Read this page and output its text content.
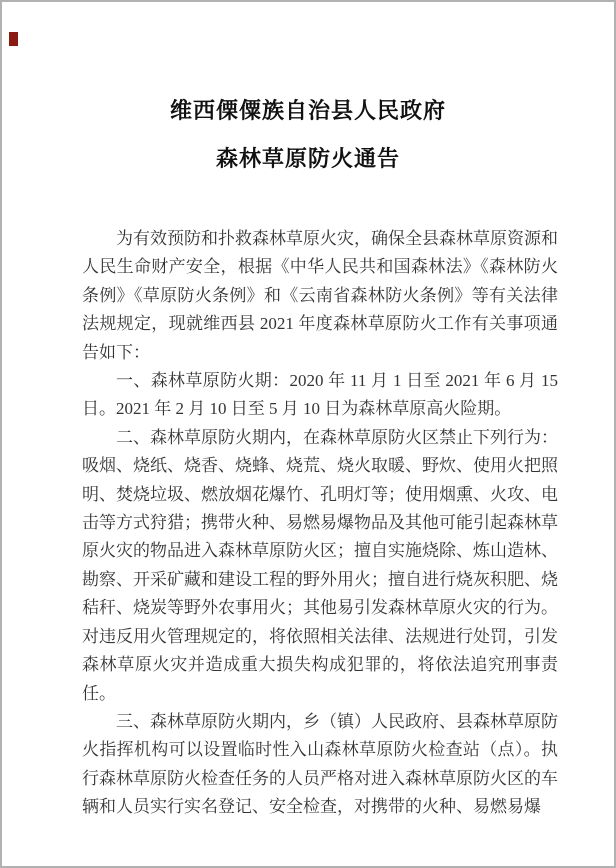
维西傈僳族自治县人民政府
森林草原防火通告

为有效预防和扑救森林草原火灾，确保全县森林草原资源和人民生命财产安全，根据《中华人民共和国森林法》《森林防火条例》《草原防火条例》和《云南省森林防火条例》等有关法律法规规定，现就维西县 2021 年度森林草原防火工作有关事项通告如下：

一、森林草原防火期：2020 年 11 月 1 日至 2021 年 6 月 15 日。2021 年 2 月 10 日至 5 月 10 日为森林草原高火险期。

二、森林草原防火期内，在森林草原防火区禁止下列行为：吸烟、烧纸、烧香、烧蜂、烧荒、烧火取暖、野炊、使用火把照明、焚烧垃圾、燃放烟花爆竹、孔明灯等；使用烟熏、火攻、电击等方式狩猎；携带火种、易燃易爆物品及其他可能引起森林草原火灾的物品进入森林草原防火区；擅自实施烧除、炼山造林、勘察、开采矿藏和建设工程的野外用火；擅自进行烧灰积肥、烧秸秆、烧炭等野外农事用火；其他易引发森林草原火灾的行为。对违反用火管理规定的，将依照相关法律、法规进行处罚，引发森林草原火灾并造成重大损失构成犯罪的，将依法追究刑事责任。

三、森林草原防火期内，乡（镇）人民政府、县森林草原防火指挥机构可以设置临时性入山森林草原防火检查站（点）。执行森林草原防火检查任务的人员严格对进入森林草原防火区的车辆和人员实行实名登记、安全检查，对携带的火种、易燃易爆
